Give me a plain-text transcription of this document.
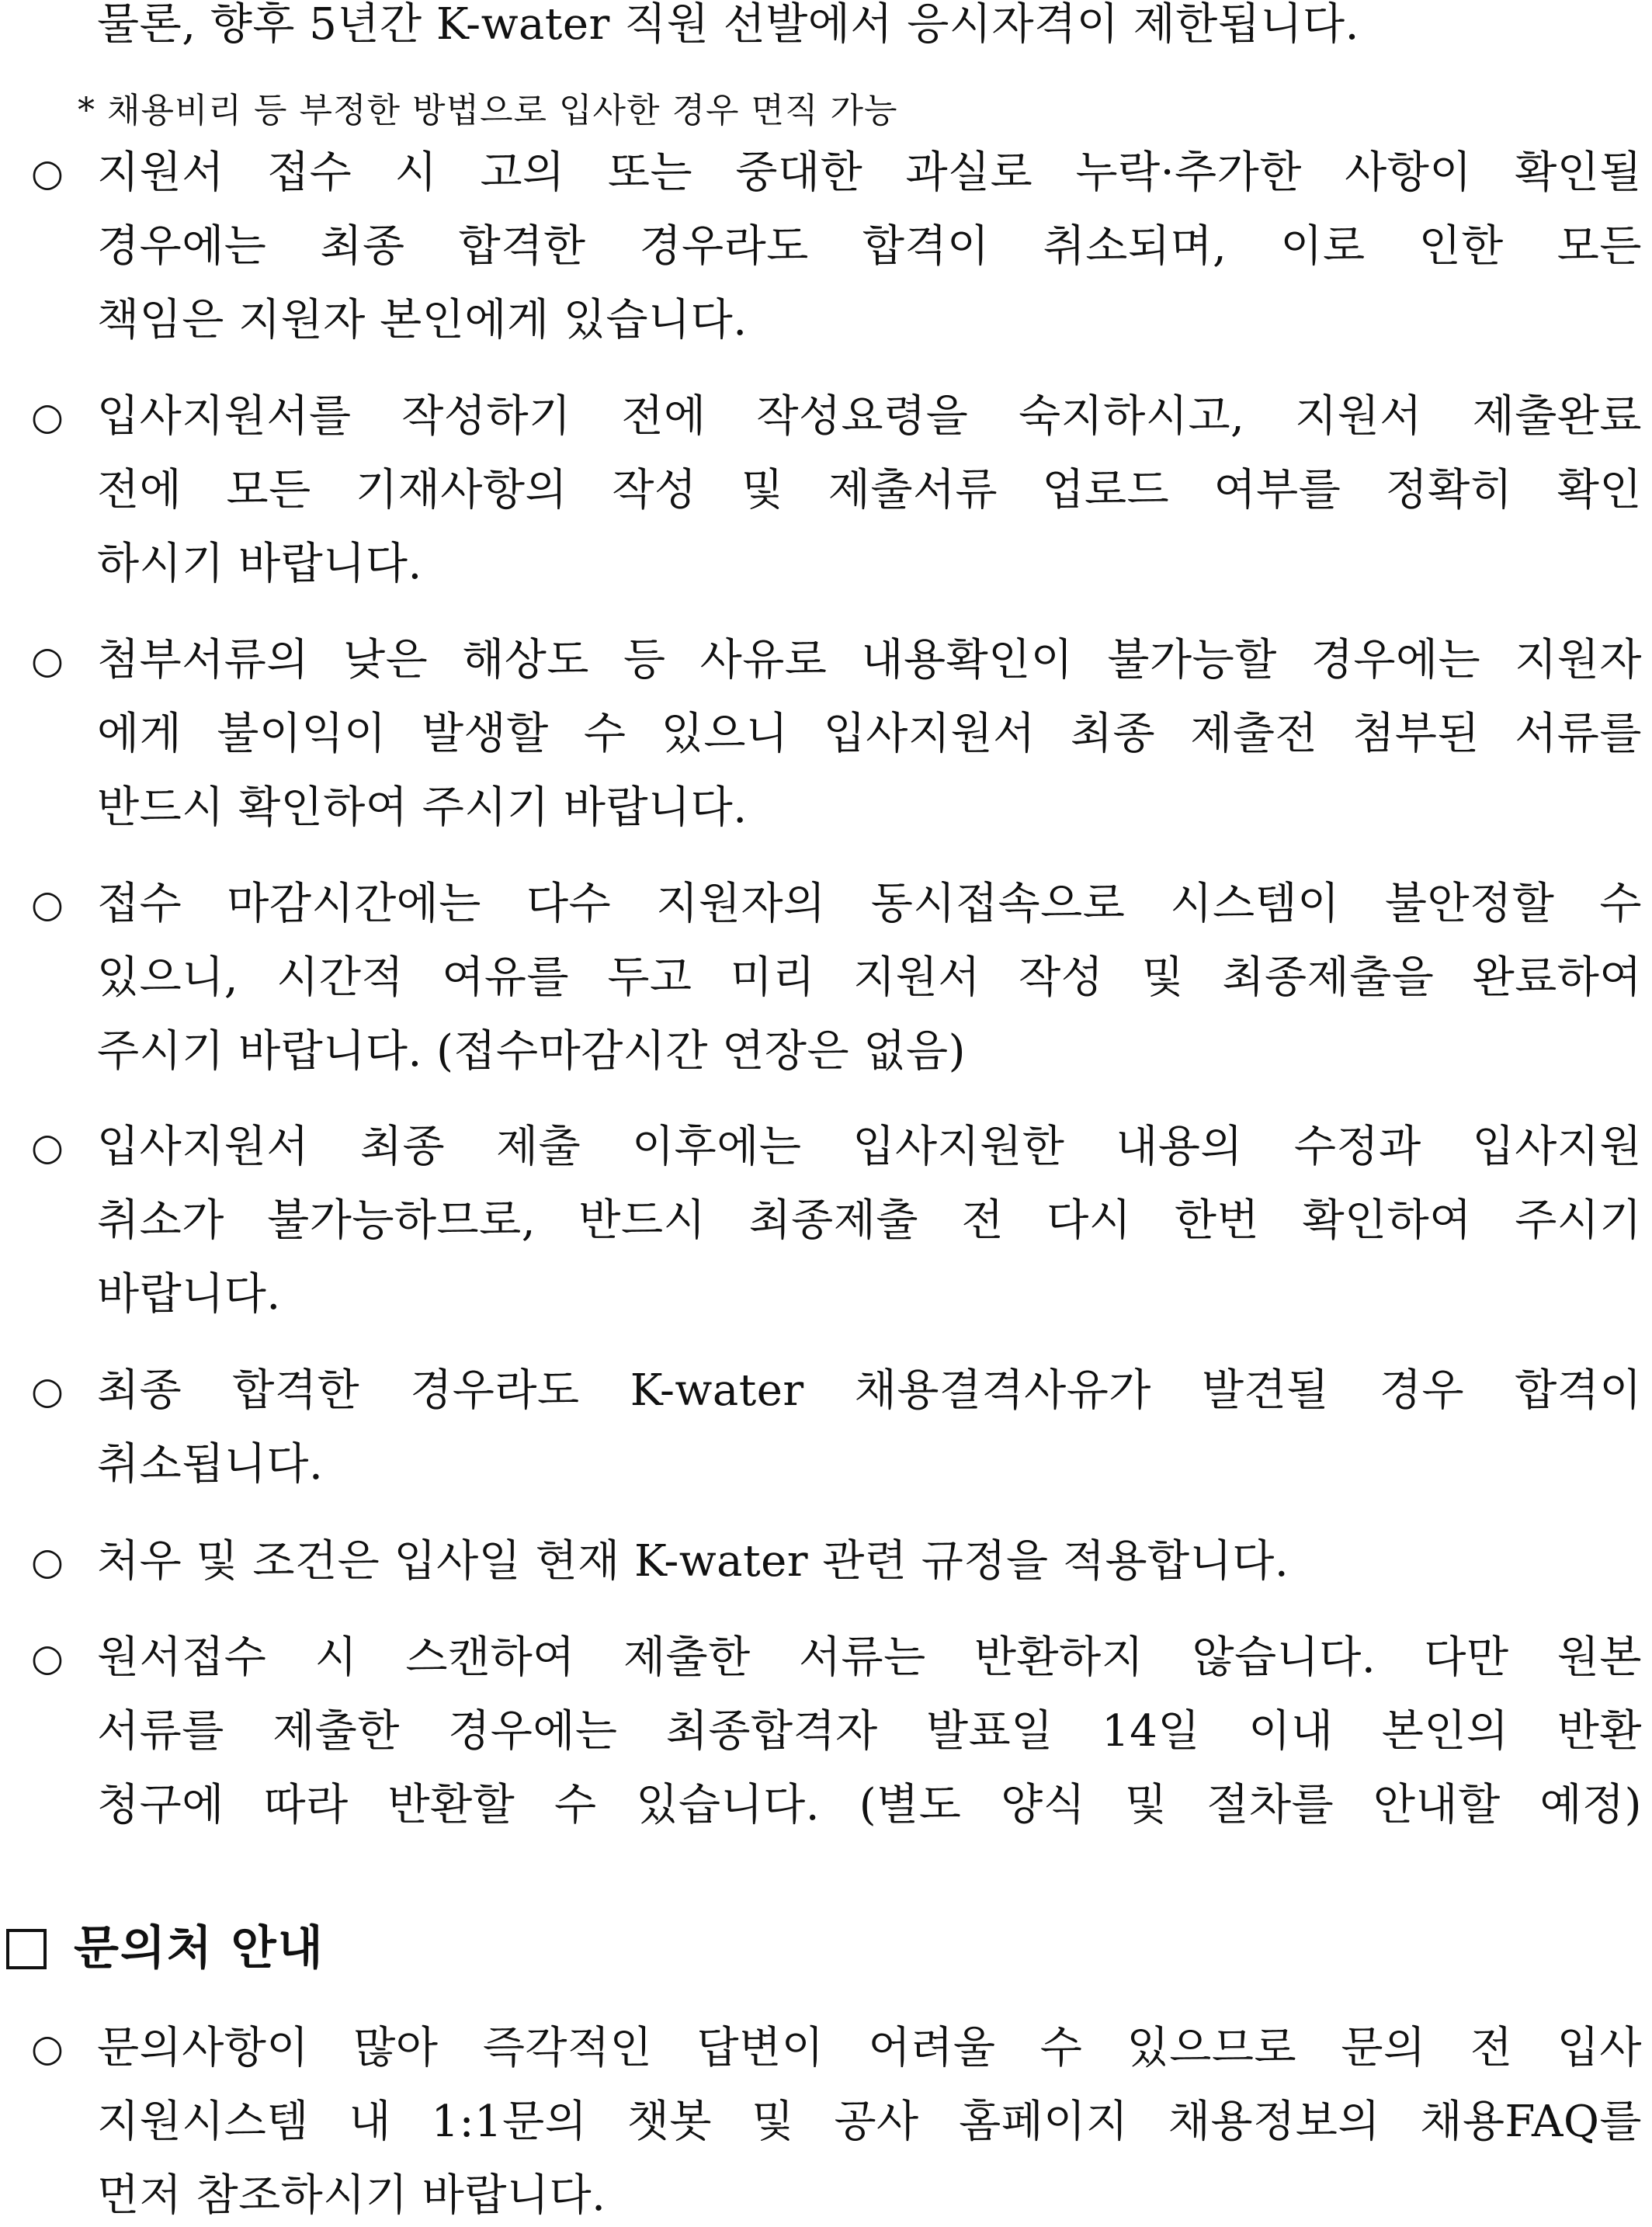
물론, 향후 5년간 K-water 직원 선발에서 응시자격이 제한됩니다.
* 채용비리 등 부정한 방법으로 입사한 경우 면직 가능
○ 지원서 접수 시 고의 또는 중대한 과실로 누락·추가한 사항이 확인될
경우에는 최종 합격한 경우라도 합격이 취소되며, 이로 인한 모든
책임은 지원자 본인에게 있습니다.
○ 입사지원서를 작성하기 전에 작성요령을 숙지하시고, 지원서 제출완료
전에 모든 기재사항의 작성 및 제출서류 업로드 여부를 정확히 확인
하시기 바랍니다.
○ 첨부서류의 낮은 해상도 등 사유로 내용확인이 불가능할 경우에는 지원자
에게 불이익이 발생할 수 있으니 입사지원서 최종 제출전 첨부된 서류를
반드시 확인하여 주시기 바랍니다.
○ 접수 마감시간에는 다수 지원자의 동시접속으로 시스템이 불안정할 수
있으니, 시간적 여유를 두고 미리 지원서 작성 및 최종제출을 완료하여
주시기 바랍니다. (접수마감시간 연장은 없음)
○ 입사지원서 최종 제출 이후에는 입사지원한 내용의 수정과 입사지원
취소가 불가능하므로, 반드시 최종제출 전 다시 한번 확인하여 주시기
바랍니다.
○ 최종 합격한 경우라도 K-water 채용결격사유가 발견될 경우 합격이
취소됩니다.
○ 처우 및 조건은 입사일 현재 K-water 관련 규정을 적용합니다.
○ 원서접수 시 스캔하여 제출한 서류는 반환하지 않습니다. 다만 원본
서류를 제출한 경우에는 최종합격자 발표일 14일 이내 본인의 반환
청구에 따라 반환할 수 있습니다. (별도 양식 및 절차를 안내할 예정)
문의처 안내
○ 문의사항이 많아 즉각적인 답변이 어려울 수 있으므로 문의 전 입사
지원시스템 내 1:1문의 챗봇 및 공사 홈페이지 채용정보의 채용FAQ를
먼저 참조하시기 바랍니다.
